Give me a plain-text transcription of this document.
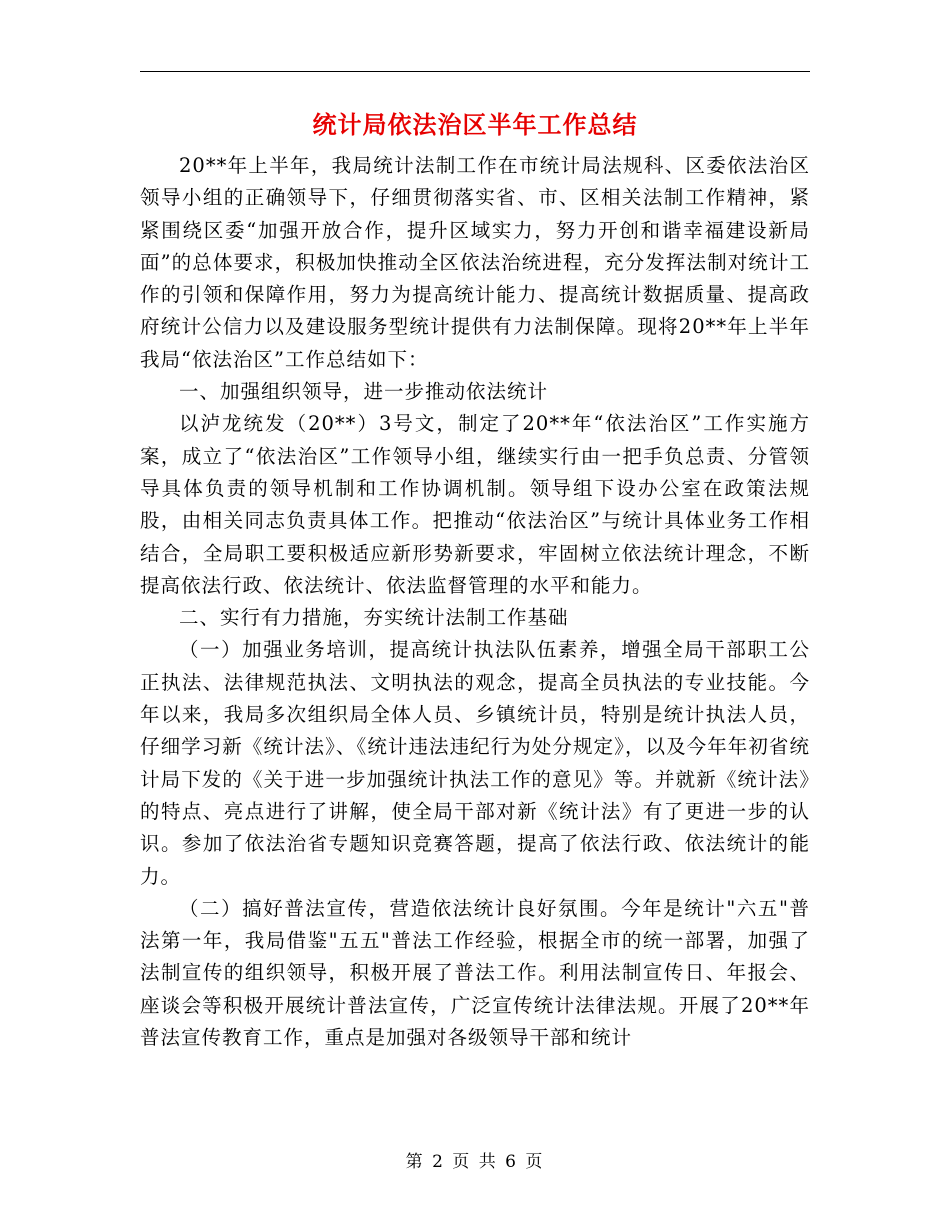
统计局依法治区半年工作总结

20**年上半年，我局统计法制工作在市统计局法规科、区委依法治区领导小组的正确领导下，仔细贯彻落实省、市、区相关法制工作精神，紧紧围绕区委“加强开放合作，提升区域实力，努力开创和谐幸福建设新局面”的总体要求，积极加快推动全区依法治统进程，充分发挥法制对统计工作的引领和保障作用，努力为提高统计能力、提高统计数据质量、提高政府统计公信力以及建设服务型统计提供有力法制保障。现将20**年上半年我局“依法治区”工作总结如下：

一、加强组织领导，进一步推动依法统计

以泸龙统发（20**）3号文，制定了20**年“依法治区”工作实施方案，成立了“依法治区”工作领导小组，继续实行由一把手负总责、分管领导具体负责的领导机制和工作协调机制。领导组下设办公室在政策法规股，由相关同志负责具体工作。把推动“依法治区”与统计具体业务工作相结合，全局职工要积极适应新形势新要求，牢固树立依法统计理念，不断提高依法行政、依法统计、依法监督管理的水平和能力。

二、实行有力措施，夯实统计法制工作基础

（一）加强业务培训，提高统计执法队伍素养，增强全局干部职工公正执法、法律规范执法、文明执法的观念，提高全员执法的专业技能。今年以来，我局多次组织局全体人员、乡镇统计员，特别是统计执法人员，仔细学习新《统计法》、《统计违法违纪行为处分规定》，以及今年年初省统计局下发的《关于进一步加强统计执法工作的意见》等。并就新《统计法》的特点、亮点进行了讲解，使全局干部对新《统计法》有了更进一步的认识。参加了依法治省专题知识竞赛答题，提高了依法行政、依法统计的能力。

（二）搞好普法宣传，营造依法统计良好氛围。今年是统计"六五"普法第一年，我局借鉴"五五"普法工作经验，根据全市的统一部署，加强了法制宣传的组织领导，积极开展了普法工作。利用法制宣传日、年报会、座谈会等积极开展统计普法宣传，广泛宣传统计法律法规。开展了20**年普法宣传教育工作，重点是加强对各级领导干部和统计

第 2 页 共 6 页
